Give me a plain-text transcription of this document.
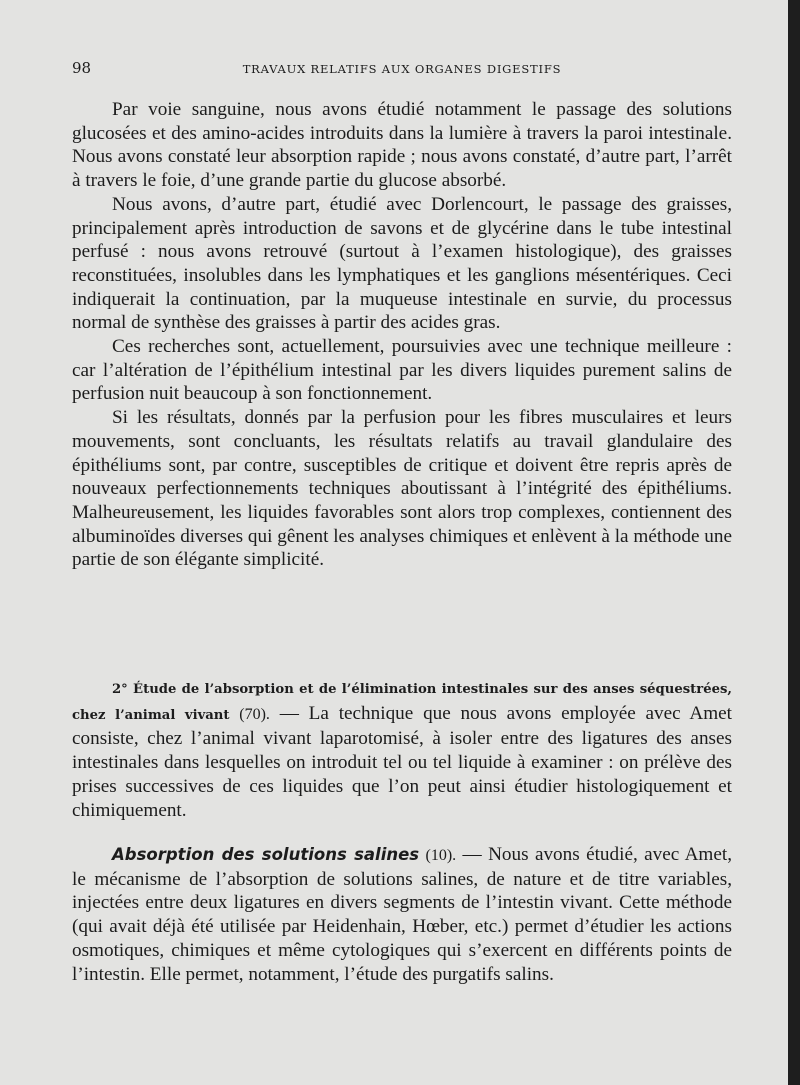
98	TRAVAUX RELATIFS AUX ORGANES DIGESTIFS

Par voie sanguine, nous avons étudié notamment le passage des solutions glucosées et des amino-acides introduits dans la lumière à travers la paroi intestinale. Nous avons constaté leur absorption rapide ; nous avons constaté, d’autre part, l’arrêt à travers le foie, d’une grande partie du glucose absorbé.

Nous avons, d’autre part, étudié avec Dorlencourt, le passage des graisses, principalement après introduction de savons et de glycérine dans le tube intestinal perfusé : nous avons retrouvé (surtout à l’examen histologique), des graisses reconstituées, insolubles dans les lymphatiques et les ganglions mésentériques. Ceci indiquerait la continuation, par la muqueuse intestinale en survie, du processus normal de synthèse des graisses à partir des acides gras.

Ces recherches sont, actuellement, poursuivies avec une technique meilleure : car l’altération de l’épithélium intestinal par les divers liquides purement salins de perfusion nuit beaucoup à son fonctionnement.

Si les résultats, donnés par la perfusion pour les fibres musculaires et leurs mouvements, sont concluants, les résultats relatifs au travail glandulaire des épithéliums sont, par contre, susceptibles de critique et doivent être repris après de nouveaux perfectionnements techniques aboutissant à l’intégrité des épithéliums. Malheureusement, les liquides favorables sont alors trop complexes, contiennent des albuminoïdes diverses qui gênent les analyses chimiques et enlèvent à la méthode une partie de son élégante simplicité.

2° Étude de l’absorption et de l’élimination intestinales sur des anses séquestrées, chez l’animal vivant (70). — La technique que nous avons employée avec Amet consiste, chez l’animal vivant laparotomisé, à isoler entre des ligatures des anses intestinales dans lesquelles on introduit tel ou tel liquide à examiner : on prélève des prises successives de ces liquides que l’on peut ainsi étudier histologiquement et chimiquement.

Absorption des solutions salines (10). — Nous avons étudié, avec Amet, le mécanisme de l’absorption de solutions salines, de nature et de titre variables, injectées entre deux ligatures en divers segments de l’intestin vivant. Cette méthode (qui avait déjà été utilisée par Heidenhain, Hœber, etc.) permet d’étudier les actions osmotiques, chimiques et même cytologiques qui s’exercent en différents points de l’intestin. Elle permet, notamment, l’étude des purgatifs salins.
